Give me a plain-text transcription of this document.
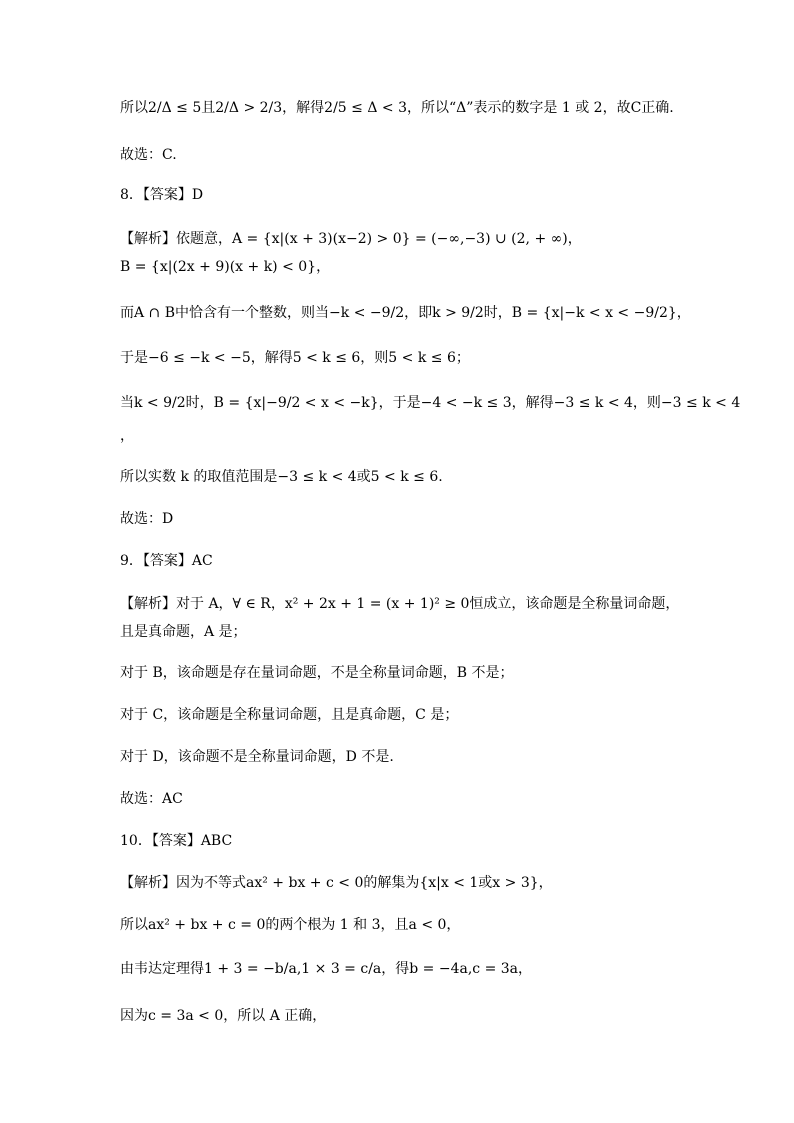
所以2/Δ ≤ 5且2/Δ > 2/3，解得2/5 ≤ Δ < 3，所以“Δ”表示的数字是 1 或 2，故C正确.
故选：C.
8．【答案】D
【解析】依题意，A = {x|(x + 3)(x−2) > 0} = (−∞,−3) ∪ (2, + ∞)，
B = {x|(2x + 9)(x + k) < 0}，
而A ∩ B中恰含有一个整数，则当−k < −9/2，即k > 9/2时，B = {x|−k < x < −9/2}，
于是−6 ≤ −k < −5，解得5 < k ≤ 6，则5 < k ≤ 6；
当k < 9/2时，B = {x|−9/2 < x < −k}，于是−4 < −k ≤ 3，解得−3 ≤ k < 4，则−3 ≤ k < 4
，
所以实数 k 的取值范围是−3 ≤ k < 4或5 < k ≤ 6.
故选：D
9．【答案】AC
【解析】对于 A，∀ ∈ R，x² + 2x + 1 = (x + 1)² ≥ 0恒成立，该命题是全称量词命题，
且是真命题，A 是；
对于 B，该命题是存在量词命题，不是全称量词命题，B 不是；
对于 C，该命题是全称量词命题，且是真命题，C 是；
对于 D，该命题不是全称量词命题，D 不是.
故选：AC
10．【答案】ABC
【解析】因为不等式ax² + bx + c < 0的解集为{x|x < 1或x > 3}，
所以ax² + bx + c = 0的两个根为 1 和 3，且a < 0，
由韦达定理得1 + 3 = −b/a,1 × 3 = c/a，得b = −4a,c = 3a，
因为c = 3a < 0，所以 A 正确，
